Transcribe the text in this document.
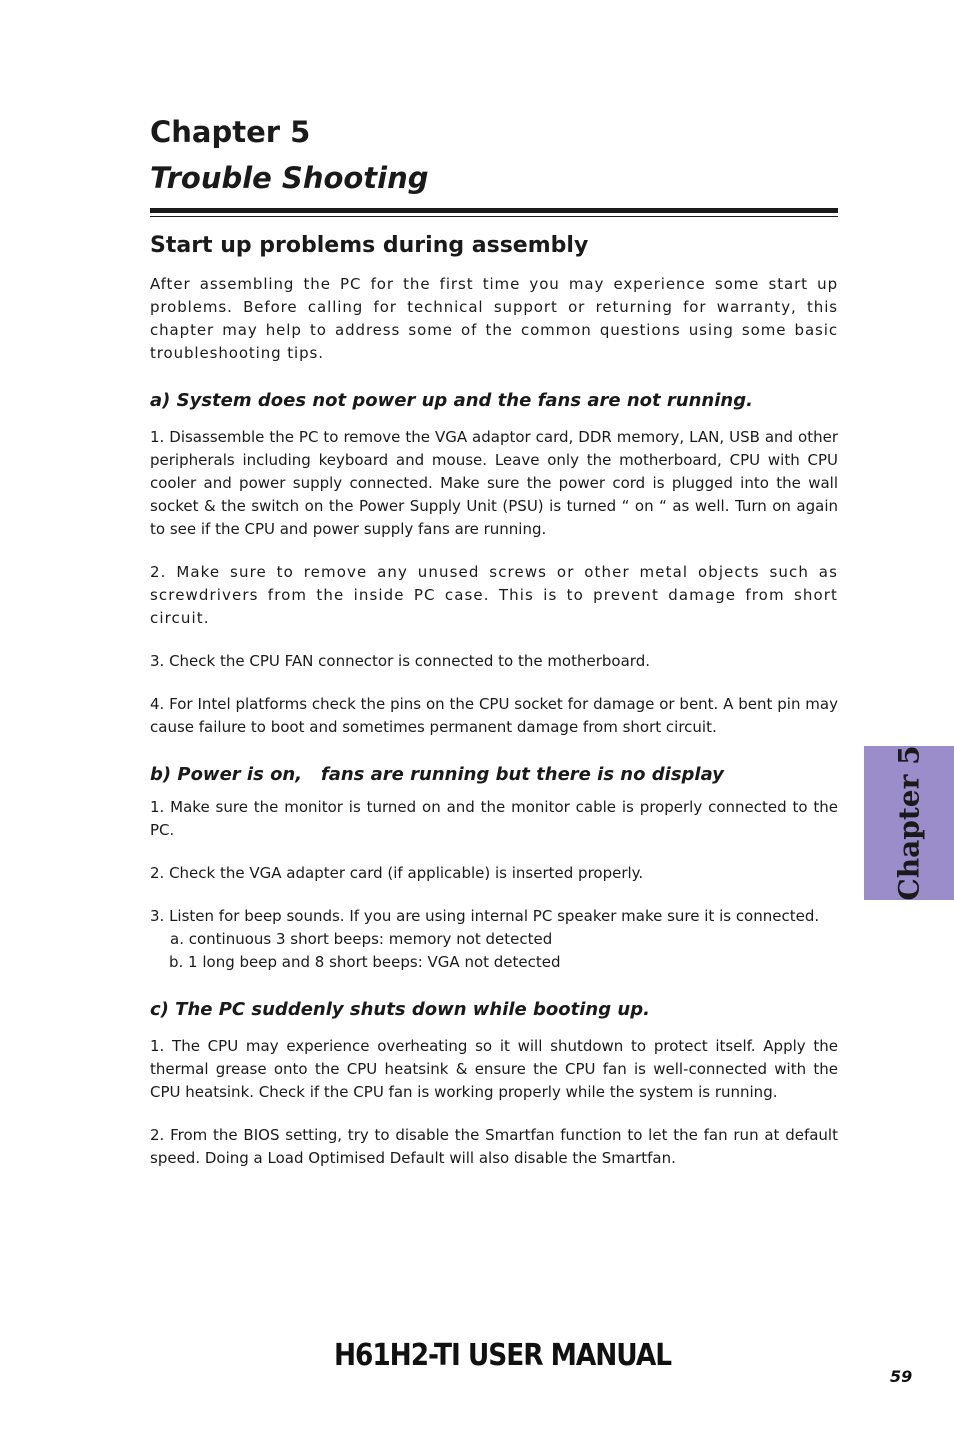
Chapter 5
Trouble Shooting
Start up problems during assembly

After assembling the PC for the first time you may experience some start up problems. Before calling for technical support or returning for warranty, this chapter may help to address some of the common questions using some basic troubleshooting tips.

a) System does not power up and the fans are not running.

1. Disassemble the PC to remove the VGA adaptor card, DDR memory, LAN, USB and other peripherals including keyboard and mouse. Leave only the motherboard, CPU with CPU cooler and power supply connected. Make sure the power cord is plugged into the wall socket & the switch on the Power Supply Unit (PSU) is turned “ on “ as well. Turn on again to see if the CPU and power supply fans are running.

2. Make sure to remove any unused screws or other metal objects such as screwdrivers from the inside PC case. This is to prevent damage from short circuit.

3. Check the CPU FAN connector is connected to the motherboard.

4. For Intel platforms check the pins on the CPU socket for damage or bent. A bent pin may cause failure to boot and sometimes permanent damage from short circuit.

b) Power is on,   fans are running but there is no display

1. Make sure the monitor is turned on and the monitor cable is properly connected to the PC.

2. Check the VGA adapter card (if applicable) is inserted properly.

3. Listen for beep sounds. If you are using internal PC speaker make sure it is connected.

a. continuous 3 short beeps: memory not detected

b. 1 long beep and 8 short beeps: VGA not detected

c) The PC suddenly shuts down while booting up.

1. The CPU may experience overheating so it will shutdown to protect itself. Apply the thermal grease onto the CPU heatsink & ensure the CPU fan is well-connected with the CPU heatsink. Check if the CPU fan is working properly while the system is running.

2. From the BIOS setting, try to disable the Smartfan function to let the fan run at default speed. Doing a Load Optimised Default will also disable the Smartfan.

Chapter 5
H61H2-TI USER MANUAL
59
